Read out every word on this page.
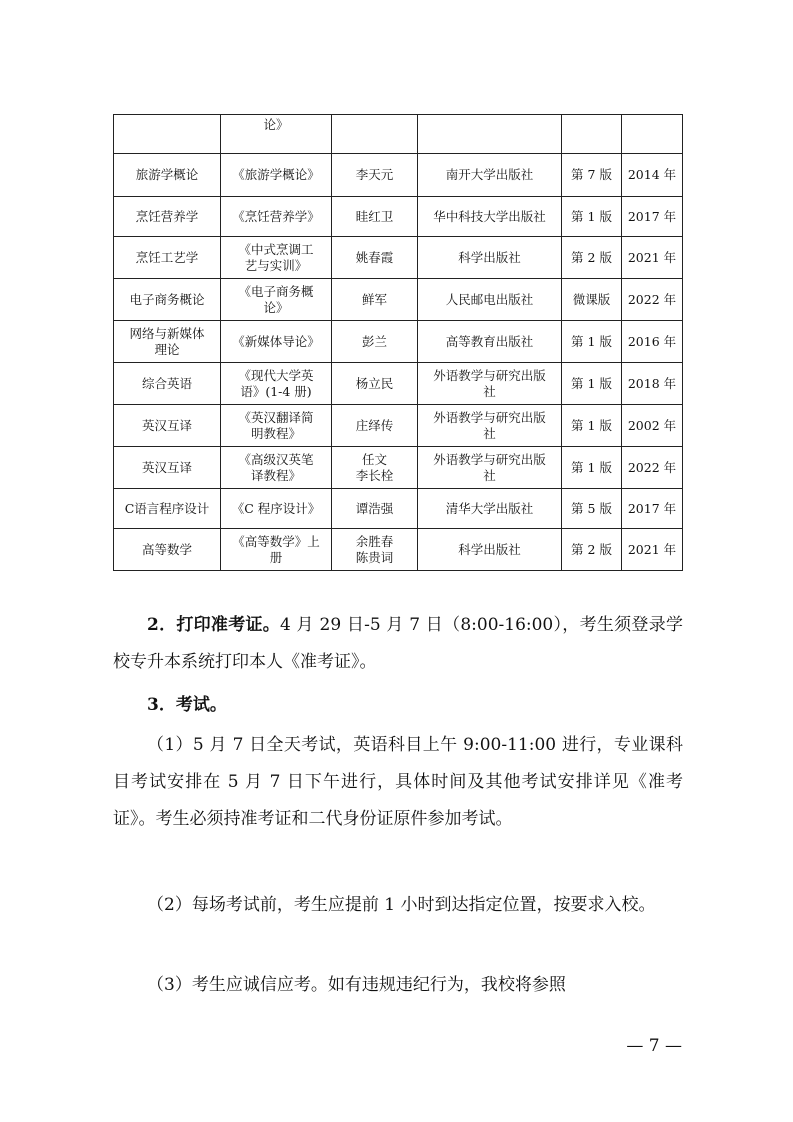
	论》				

旅游学概论	《旅游学概论》	李天元	南开大学出版社	第 7 版	2014 年

烹饪营养学	《烹饪营养学》	眭红卫	华中科技大学出版社	第 1 版	2017 年

烹饪工艺学	《中式烹调工
艺与实训》	姚春霞	科学出版社	第 2 版	2021 年

电子商务概论	《电子商务概
论》	鲜军	人民邮电出版社	微课版	2022 年

网络与新媒体
理论	《新媒体导论》	彭兰	高等教育出版社	第 1 版	2016 年

综合英语	《现代大学英
语》(1-4 册)	杨立民	外语教学与研究出版
社	第 1 版	2018 年

英汉互译	《英汉翻译简
明教程》	庄绎传	外语教学与研究出版
社	第 1 版	2002 年

英汉互译	《高级汉英笔
译教程》	任文
李长栓	外语教学与研究出版
社	第 1 版	2022 年

C语言程序设计	《C 程序设计》	谭浩强	清华大学出版社	第 5 版	2017 年

高等数学	《高等数学》上
册	余胜春
陈贵词	科学出版社	第 2 版	2021 年

2．打印准考证。4 月 29 日-5 月 7 日（8:00-16:00），考生须登录学校专升本系统打印本人《准考证》。

3．考试。

（1）5 月 7 日全天考试，英语科目上午 9:00-11:00 进行，专业课科目考试安排在 5 月 7 日下午进行，具体时间及其他考试安排详见《准考证》。考生必须持准考证和二代身份证原件参加考试。

（2）每场考试前，考生应提前 1 小时到达指定位置，按要求入校。

（3）考生应诚信应考。如有违规违纪行为，我校将参照

— 7 —
